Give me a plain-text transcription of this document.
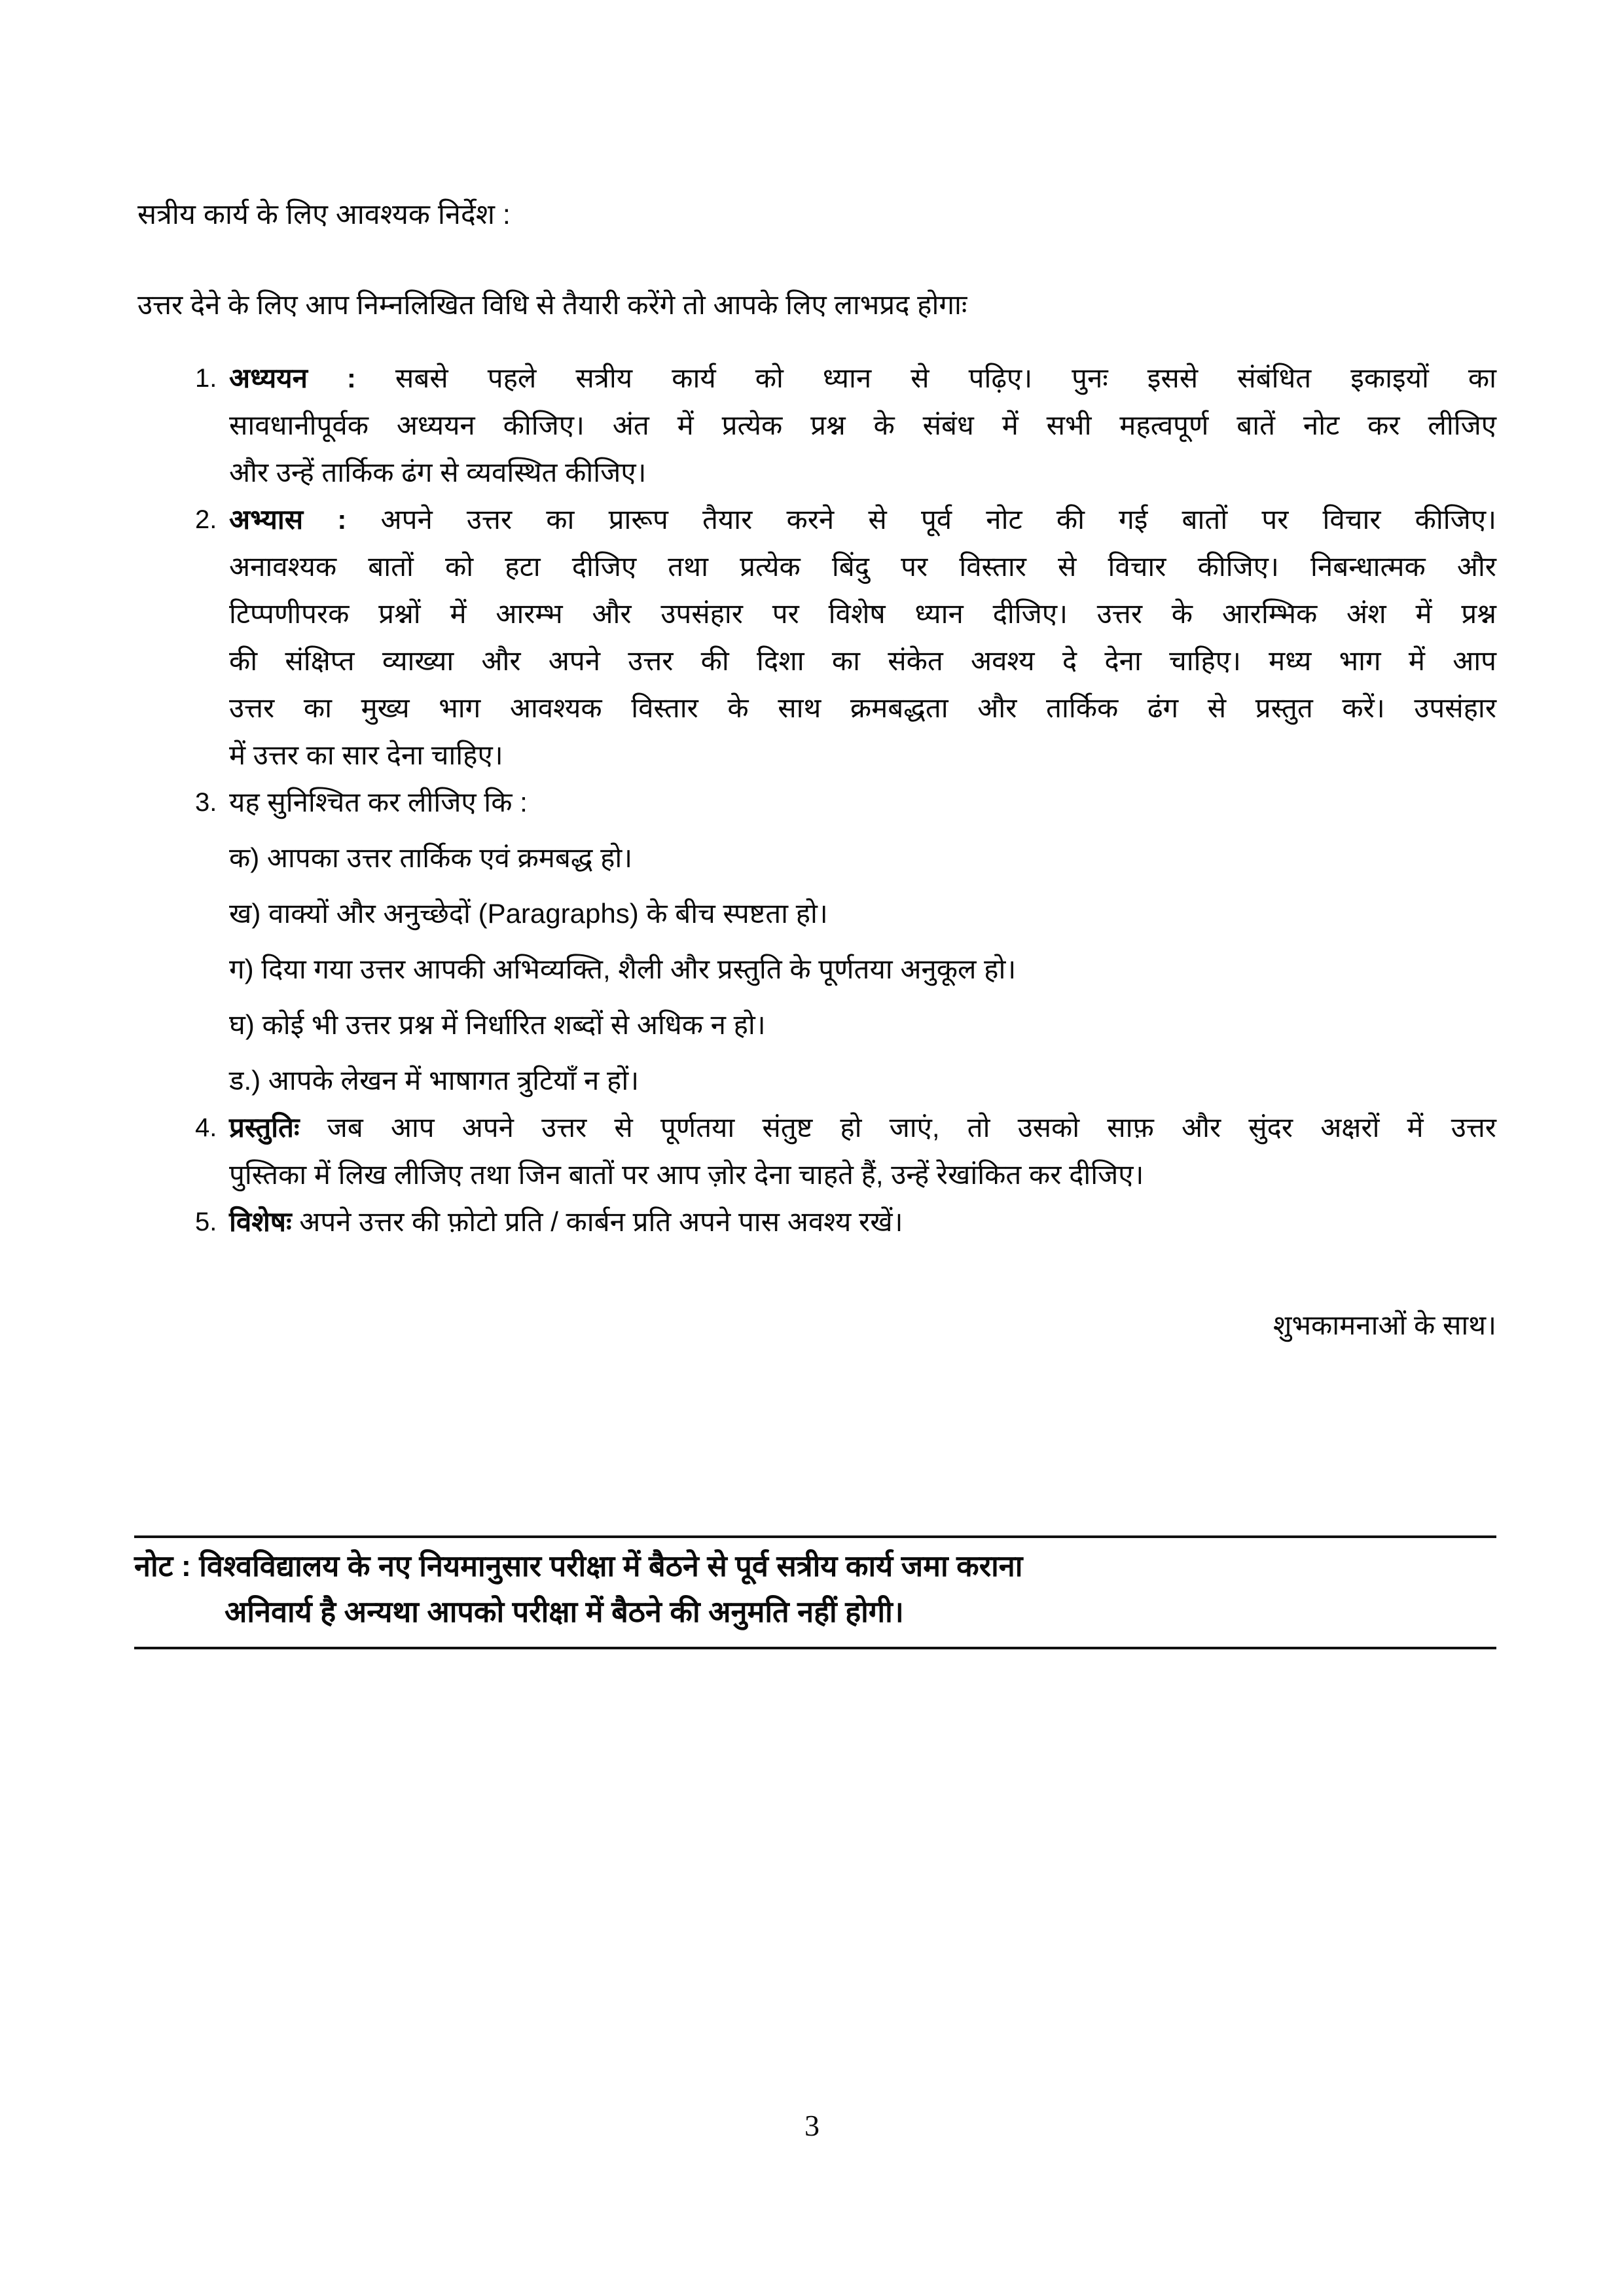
सत्रीय कार्य के लिए आवश्यक निर्देश :
उत्तर देने के लिए आप निम्नलिखित विधि से तैयारी करेंगे तो आपके लिए लाभप्रद होगाः
1. अध्ययन : सबसे पहले सत्रीय कार्य को ध्यान से पढ़िए। पुनः इससे संबंधित इकाइयों का
सावधानीपूर्वक अध्ययन कीजिए। अंत में प्रत्येक प्रश्न के संबंध में सभी महत्वपूर्ण बातें नोट कर लीजिए
और उन्हें तार्किक ढंग से व्यवस्थित कीजिए।
2. अभ्यास : अपने उत्तर का प्रारूप तैयार करने से पूर्व नोट की गई बातों पर विचार कीजिए।
अनावश्यक बातों को हटा दीजिए तथा प्रत्येक बिंदु पर विस्तार से विचार कीजिए। निबन्धात्मक और
टिप्पणीपरक प्रश्नों में आरम्भ और उपसंहार पर विशेष ध्यान दीजिए। उत्तर के आरम्भिक अंश में प्रश्न
की संक्षिप्त व्याख्या और अपने उत्तर की दिशा का संकेत अवश्य दे देना चाहिए। मध्य भाग में आप
उत्तर का मुख्य भाग आवश्यक विस्तार के साथ क्रमबद्धता और तार्किक ढंग से प्रस्तुत करें। उपसंहार
में उत्तर का सार देना चाहिए।
3. यह सुनिश्चित कर लीजिए कि :
क) आपका उत्तर तार्किक एवं क्रमबद्ध हो।
ख) वाक्यों और अनुच्छेदों (Paragraphs) के बीच स्पष्टता हो।
ग) दिया गया उत्तर आपकी अभिव्यक्ति, शैली और प्रस्तुति के पूर्णतया अनुकूल हो।
घ) कोई भी उत्तर प्रश्न में निर्धारित शब्दों से अधिक न हो।
ड.) आपके लेखन में भाषागत त्रुटियाँ न हों।
4. प्रस्तुतिः जब आप अपने उत्तर से पूर्णतया संतुष्ट हो जाएं, तो उसको साफ़ और सुंदर अक्षरों में उत्तर
पुस्तिका में लिख लीजिए तथा जिन बातों पर आप ज़ोर देना चाहते हैं, उन्हें रेखांकित कर दीजिए।
5. विशेषः अपने उत्तर की फ़ोटो प्रति / कार्बन प्रति अपने पास अवश्य रखें।
शुभकामनाओं के साथ।
नोट : विश्वविद्यालय के नए नियमानुसार परीक्षा में बैठने से पूर्व सत्रीय कार्य जमा कराना
अनिवार्य है अन्यथा आपको परीक्षा में बैठने की अनुमति नहीं होगी।
3
